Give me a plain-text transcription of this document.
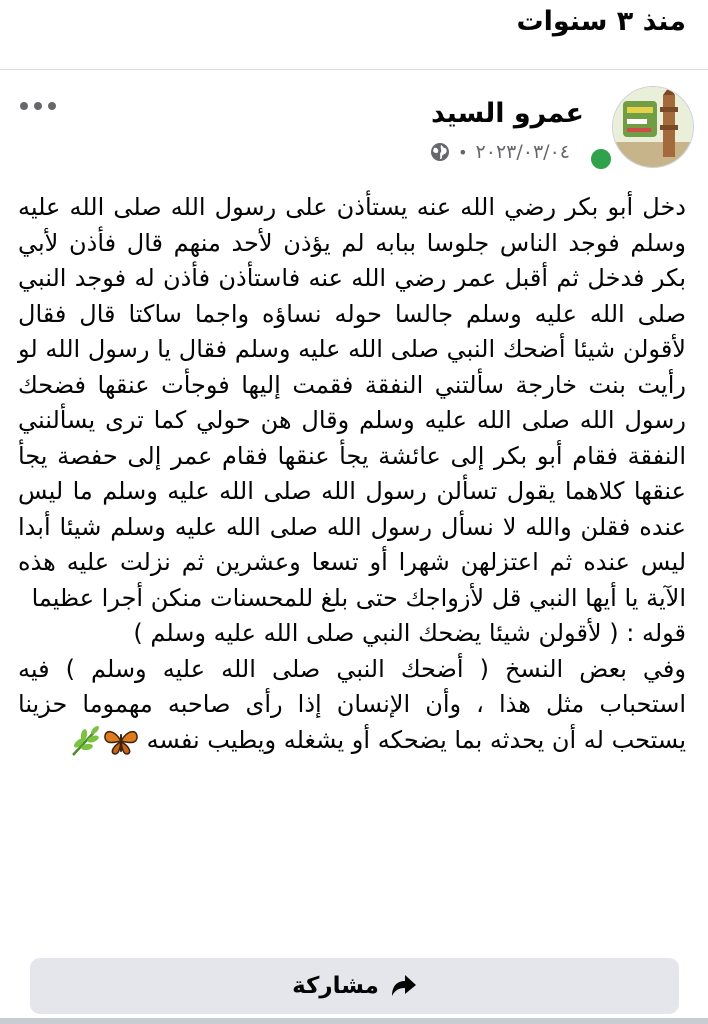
منذ ٣ سنوات
عمرو السيد
٢٠٢٣/٠٣/٠٤
•
دخل أبو بكر رضي الله عنه يستأذن على رسول الله صلى الله عليه وسلم فوجد الناس جلوسا ببابه لم يؤذن لأحد منهم قال فأذن لأبي بكر فدخل ثم أقبل عمر رضي الله عنه فاستأذن فأذن له فوجد النبي صلى الله عليه وسلم جالسا حوله نساؤه واجما ساكتا قال فقال لأقولن شيئا أضحك النبي صلى الله عليه وسلم فقال يا رسول الله لو رأيت بنت خارجة سألتني النفقة فقمت إليها فوجأت عنقها فضحك رسول الله صلى الله عليه وسلم وقال هن حولي كما ترى يسألنني النفقة فقام أبو بكر إلى عائشة يجأ عنقها فقام عمر إلى حفصة يجأ عنقها كلاهما يقول تسألن رسول الله صلى الله عليه وسلم ما ليس عنده فقلن والله لا نسأل رسول الله صلى الله عليه وسلم شيئا أبدا ليس عنده ثم اعتزلهن شهرا أو تسعا وعشرين ثم نزلت عليه هذه الآية يا أيها النبي قل لأزواجك حتى بلغ للمحسنات منكن أجرا عظيما
قوله : ( لأقولن شيئا يضحك النبي صلى الله عليه وسلم )
وفي بعض النسخ ( أضحك النبي صلى الله عليه وسلم ) فيه استحباب مثل هذا ، وأن الإنسان إذا رأى صاحبه مهموما حزينا يستحب له أن يحدثه بما يضحكه أو يشغله ويطيب نفسه
مشاركة
